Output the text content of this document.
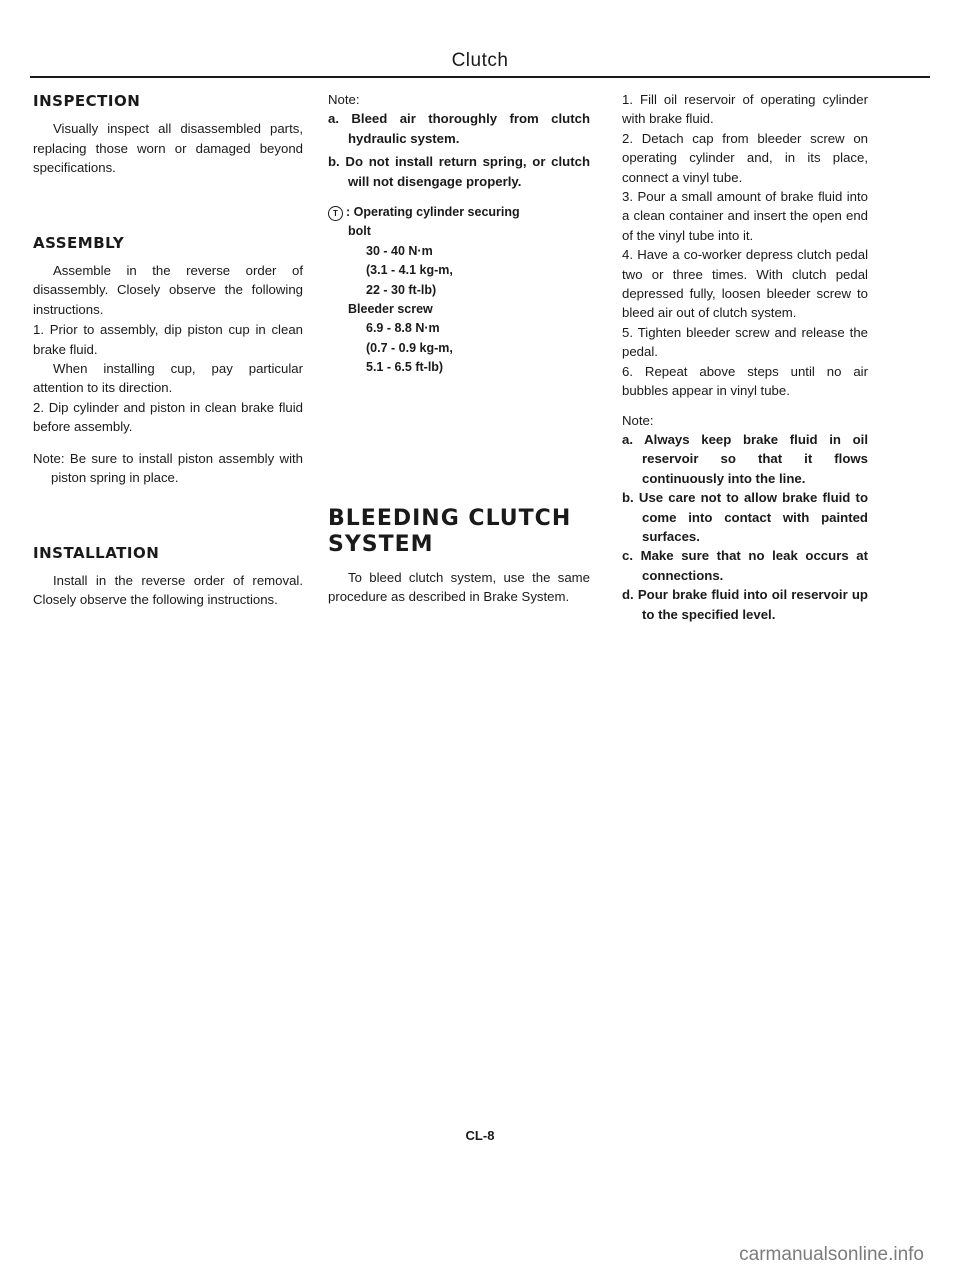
Clutch
INSPECTION

Visually inspect all disassembled parts, replacing those worn or damaged beyond specifications.

ASSEMBLY

Assemble in the reverse order of disassembly. Closely observe the following instructions.

1. Prior to assembly, dip piston cup in clean brake fluid.

When installing cup, pay particular attention to its direction.

2. Dip cylinder and piston in clean brake fluid before assembly.

Note: Be sure to install piston assembly with piston spring in place.

INSTALLATION

Install in the reverse order of removal. Closely observe the following instructions.

Note:

a. Bleed air thoroughly from clutch hydraulic system.

b. Do not install return spring, or clutch will not disengage properly.

T : Operating cylinder securing
bolt
30 - 40 N·m
(3.1 - 4.1 kg-m,
22 - 30 ft-lb)
Bleeder screw
6.9 - 8.8 N·m
(0.7 - 0.9 kg-m,
5.1 - 6.5 ft-lb)
BLEEDING CLUTCH
SYSTEM

To bleed clutch system, use the same procedure as described in Brake System.

1. Fill oil reservoir of operating cylinder with brake fluid.

2. Detach cap from bleeder screw on operating cylinder and, in its place, connect a vinyl tube.

3. Pour a small amount of brake fluid into a clean container and insert the open end of the vinyl tube into it.

4. Have a co-worker depress clutch pedal two or three times. With clutch pedal depressed fully, loosen bleeder screw to bleed air out of clutch system.

5. Tighten bleeder screw and release the pedal.

6. Repeat above steps until no air bubbles appear in vinyl tube.

Note:

a. Always keep brake fluid in oil reservoir so that it flows continuously into the line.

b. Use care not to allow brake fluid to come into contact with painted surfaces.

c. Make sure that no leak occurs at connections.

d. Pour brake fluid into oil reservoir up to the specified level.

CL-8
carmanualsonline.info
